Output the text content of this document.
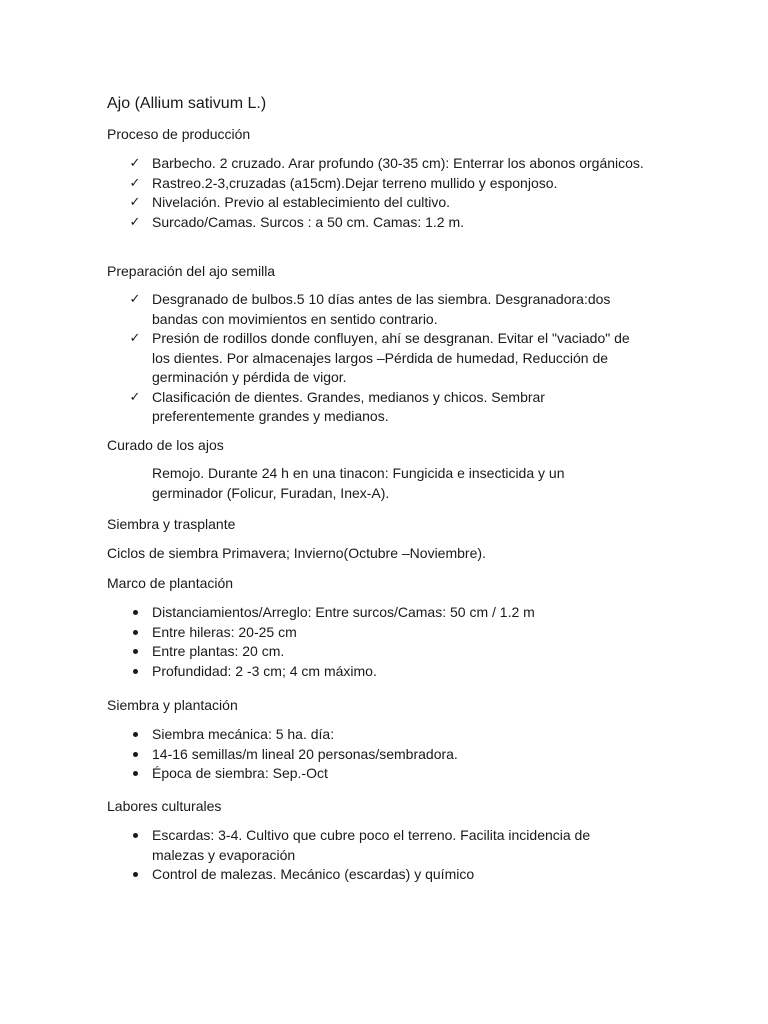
Ajo (Allium sativum L.)
Proceso de producción
✓ Barbecho. 2 cruzado. Arar profundo (30-35 cm): Enterrar los abonos orgánicos.
✓ Rastreo.2-3,cruzadas (a15cm).Dejar terreno mullido y esponjoso.
✓ Nivelación. Previo al establecimiento del cultivo.
✓ Surcado/Camas. Surcos : a 50 cm. Camas: 1.2 m.
Preparación del ajo semilla
✓ Desgranado de bulbos.5 10 días antes de las siembra. Desgranadora:dos bandas con movimientos en sentido contrario.
✓ Presión de rodillos donde confluyen, ahí se desgranan. Evitar el "vaciado" de los dientes. Por almacenajes largos –Pérdida de humedad, Reducción de germinación y pérdida de vigor.
✓ Clasificación de dientes. Grandes, medianos y chicos. Sembrar preferentemente grandes y medianos.
Curado de los ajos
Remojo. Durante 24 h en una tinacon: Fungicida e insecticida y un germinador (Folicur, Furadan, Inex-A).
Siembra y trasplante
Ciclos de siembra Primavera; Invierno(Octubre –Noviembre).
Marco de plantación
Distanciamientos/Arreglo: Entre surcos/Camas: 50 cm / 1.2 m
Entre hileras: 20-25 cm
Entre plantas: 20 cm.
Profundidad: 2 -3 cm; 4 cm máximo.
Siembra y plantación
Siembra mecánica: 5 ha. día:
14-16 semillas/m lineal 20 personas/sembradora.
Época de siembra: Sep.-Oct
Labores culturales
Escardas: 3-4. Cultivo que cubre poco el terreno. Facilita incidencia de malezas y evaporación
Control de malezas. Mecánico (escardas) y químico
